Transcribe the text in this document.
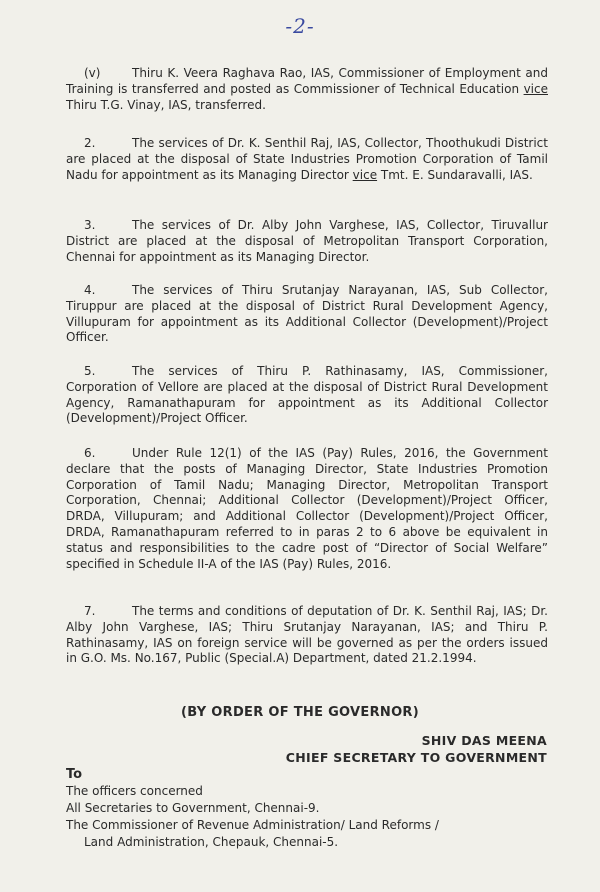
-2-
(v)	Thiru K. Veera Raghava Rao, IAS, Commissioner of Employment and Training is transferred and posted as Commissioner of Technical Education vice Thiru T.G. Vinay, IAS, transferred.
2.	The services of Dr. K. Senthil Raj, IAS, Collector, Thoothukudi District are placed at the disposal of State Industries Promotion Corporation of Tamil Nadu for appointment as its Managing Director vice Tmt. E. Sundaravalli, IAS.
3.	The services of Dr. Alby John Varghese, IAS, Collector, Tiruvallur District are placed at the disposal of Metropolitan Transport Corporation, Chennai for appointment as its Managing Director.
4.	The services of Thiru Srutanjay Narayanan, IAS, Sub Collector, Tiruppur are placed at the disposal of District Rural Development Agency, Villupuram for appointment as its Additional Collector (Development)/Project Officer.
5.	The services of Thiru P. Rathinasamy, IAS, Commissioner, Corporation of Vellore are placed at the disposal of District Rural Development Agency, Ramanathapuram for appointment as its Additional Collector (Development)/Project Officer.
6.	Under Rule 12(1) of the IAS (Pay) Rules, 2016, the Government declare that the posts of Managing Director, State Industries Promotion Corporation of Tamil Nadu; Managing Director, Metropolitan Transport Corporation, Chennai; Additional Collector (Development)/Project Officer, DRDA, Villupuram; and Additional Collector (Development)/Project Officer, DRDA, Ramanathapuram referred to in paras 2 to 6 above be equivalent in status and responsibilities to the cadre post of “Director of Social Welfare” specified in Schedule II-A of the IAS (Pay) Rules, 2016.
7.	The terms and conditions of deputation of Dr. K. Senthil Raj, IAS; Dr. Alby John Varghese, IAS; Thiru Srutanjay Narayanan, IAS; and Thiru P. Rathinasamy, IAS on foreign service will be governed as per the orders issued in G.O. Ms. No.167, Public (Special.A) Department, dated 21.2.1994.
(BY ORDER OF THE GOVERNOR)
SHIV DAS MEENA
CHIEF SECRETARY TO GOVERNMENT
To
The officers concerned
All Secretaries to Government, Chennai-9.
The Commissioner of Revenue Administration/ Land Reforms /
Land Administration, Chepauk, Chennai-5.
